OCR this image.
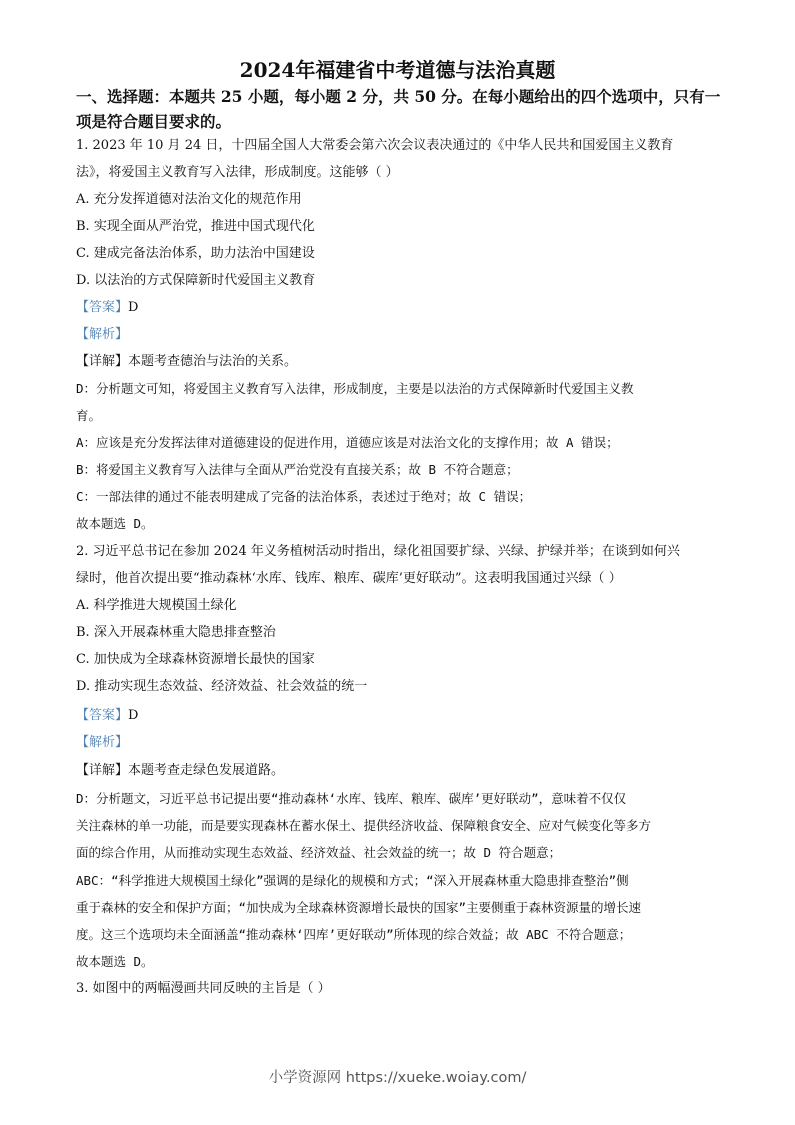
2024年福建省中考道德与法治真题
一、选择题：本题共 25 小题，每小题 2 分，共 50 分。在每小题给出的四个选项中，只有一
项是符合题目要求的。
1. 2023 年 10 月 24 日，十四届全国人大常委会第六次会议表决通过的《中华人民共和国爱国主义教育
法》，将爱国主义教育写入法律，形成制度。这能够（ ）
A. 充分发挥道德对法治文化的规范作用
B. 实现全面从严治党，推进中国式现代化
C. 建成完备法治体系，助力法治中国建设
D. 以法治的方式保障新时代爱国主义教育
【答案】D
【解析】
【详解】本题考查德治与法治的关系。
D：分析题文可知，将爱国主义教育写入法律，形成制度，主要是以法治的方式保障新时代爱国主义教
育。
A：应该是充分发挥法律对道德建设的促进作用，道德应该是对法治文化的支撑作用；故 A 错误；
B：将爱国主义教育写入法律与全面从严治党没有直接关系；故 B 不符合题意；
C：一部法律的通过不能表明建成了完备的法治体系，表述过于绝对；故 C 错误；
故本题选 D。
2. 习近平总书记在参加 2024 年义务植树活动时指出，绿化祖国要扩绿、兴绿、护绿并举；在谈到如何兴
绿时，他首次提出要“推动森林‘水库、钱库、粮库、碳库’更好联动”。这表明我国通过兴绿（ ）
A. 科学推进大规模国土绿化
B. 深入开展森林重大隐患排查整治
C. 加快成为全球森林资源增长最快的国家
D. 推动实现生态效益、经济效益、社会效益的统一
【答案】D
【解析】
【详解】本题考查走绿色发展道路。
D：分析题文，习近平总书记提出要“推动森林‘水库、钱库、粮库、碳库’更好联动”，意味着不仅仅
关注森林的单一功能，而是要实现森林在蓄水保土、提供经济收益、保障粮食安全、应对气候变化等多方
面的综合作用，从而推动实现生态效益、经济效益、社会效益的统一；故 D 符合题意；
ABC：“科学推进大规模国土绿化”强调的是绿化的规模和方式；“深入开展森林重大隐患排查整治”侧
重于森林的安全和保护方面；“加快成为全球森林资源增长最快的国家”主要侧重于森林资源量的增长速
度。这三个选项均未全面涵盖“推动森林‘四库’更好联动”所体现的综合效益；故 ABC 不符合题意；
故本题选 D。
3. 如图中的两幅漫画共同反映的主旨是（ ）
小学资源网 https://xueke.woiay.com/
